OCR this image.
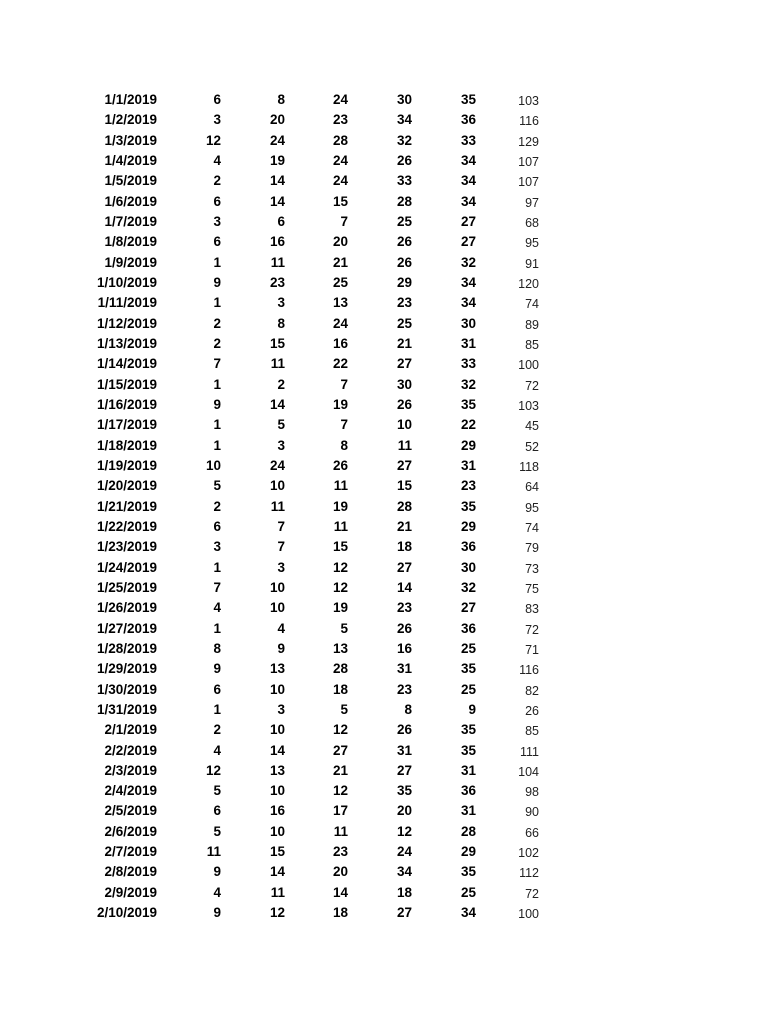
1/1/2019	6	8	24	30	35	103
1/2/2019	3	20	23	34	36	116
1/3/2019	12	24	28	32	33	129
1/4/2019	4	19	24	26	34	107
1/5/2019	2	14	24	33	34	107
1/6/2019	6	14	15	28	34	97
1/7/2019	3	6	7	25	27	68
1/8/2019	6	16	20	26	27	95
1/9/2019	1	11	21	26	32	91
1/10/2019	9	23	25	29	34	120
1/11/2019	1	3	13	23	34	74
1/12/2019	2	8	24	25	30	89
1/13/2019	2	15	16	21	31	85
1/14/2019	7	11	22	27	33	100
1/15/2019	1	2	7	30	32	72
1/16/2019	9	14	19	26	35	103
1/17/2019	1	5	7	10	22	45
1/18/2019	1	3	8	11	29	52
1/19/2019	10	24	26	27	31	118
1/20/2019	5	10	11	15	23	64
1/21/2019	2	11	19	28	35	95
1/22/2019	6	7	11	21	29	74
1/23/2019	3	7	15	18	36	79
1/24/2019	1	3	12	27	30	73
1/25/2019	7	10	12	14	32	75
1/26/2019	4	10	19	23	27	83
1/27/2019	1	4	5	26	36	72
1/28/2019	8	9	13	16	25	71
1/29/2019	9	13	28	31	35	116
1/30/2019	6	10	18	23	25	82
1/31/2019	1	3	5	8	9	26
2/1/2019	2	10	12	26	35	85
2/2/2019	4	14	27	31	35	111
2/3/2019	12	13	21	27	31	104
2/4/2019	5	10	12	35	36	98
2/5/2019	6	16	17	20	31	90
2/6/2019	5	10	11	12	28	66
2/7/2019	11	15	23	24	29	102
2/8/2019	9	14	20	34	35	112
2/9/2019	4	11	14	18	25	72
2/10/2019	9	12	18	27	34	100
